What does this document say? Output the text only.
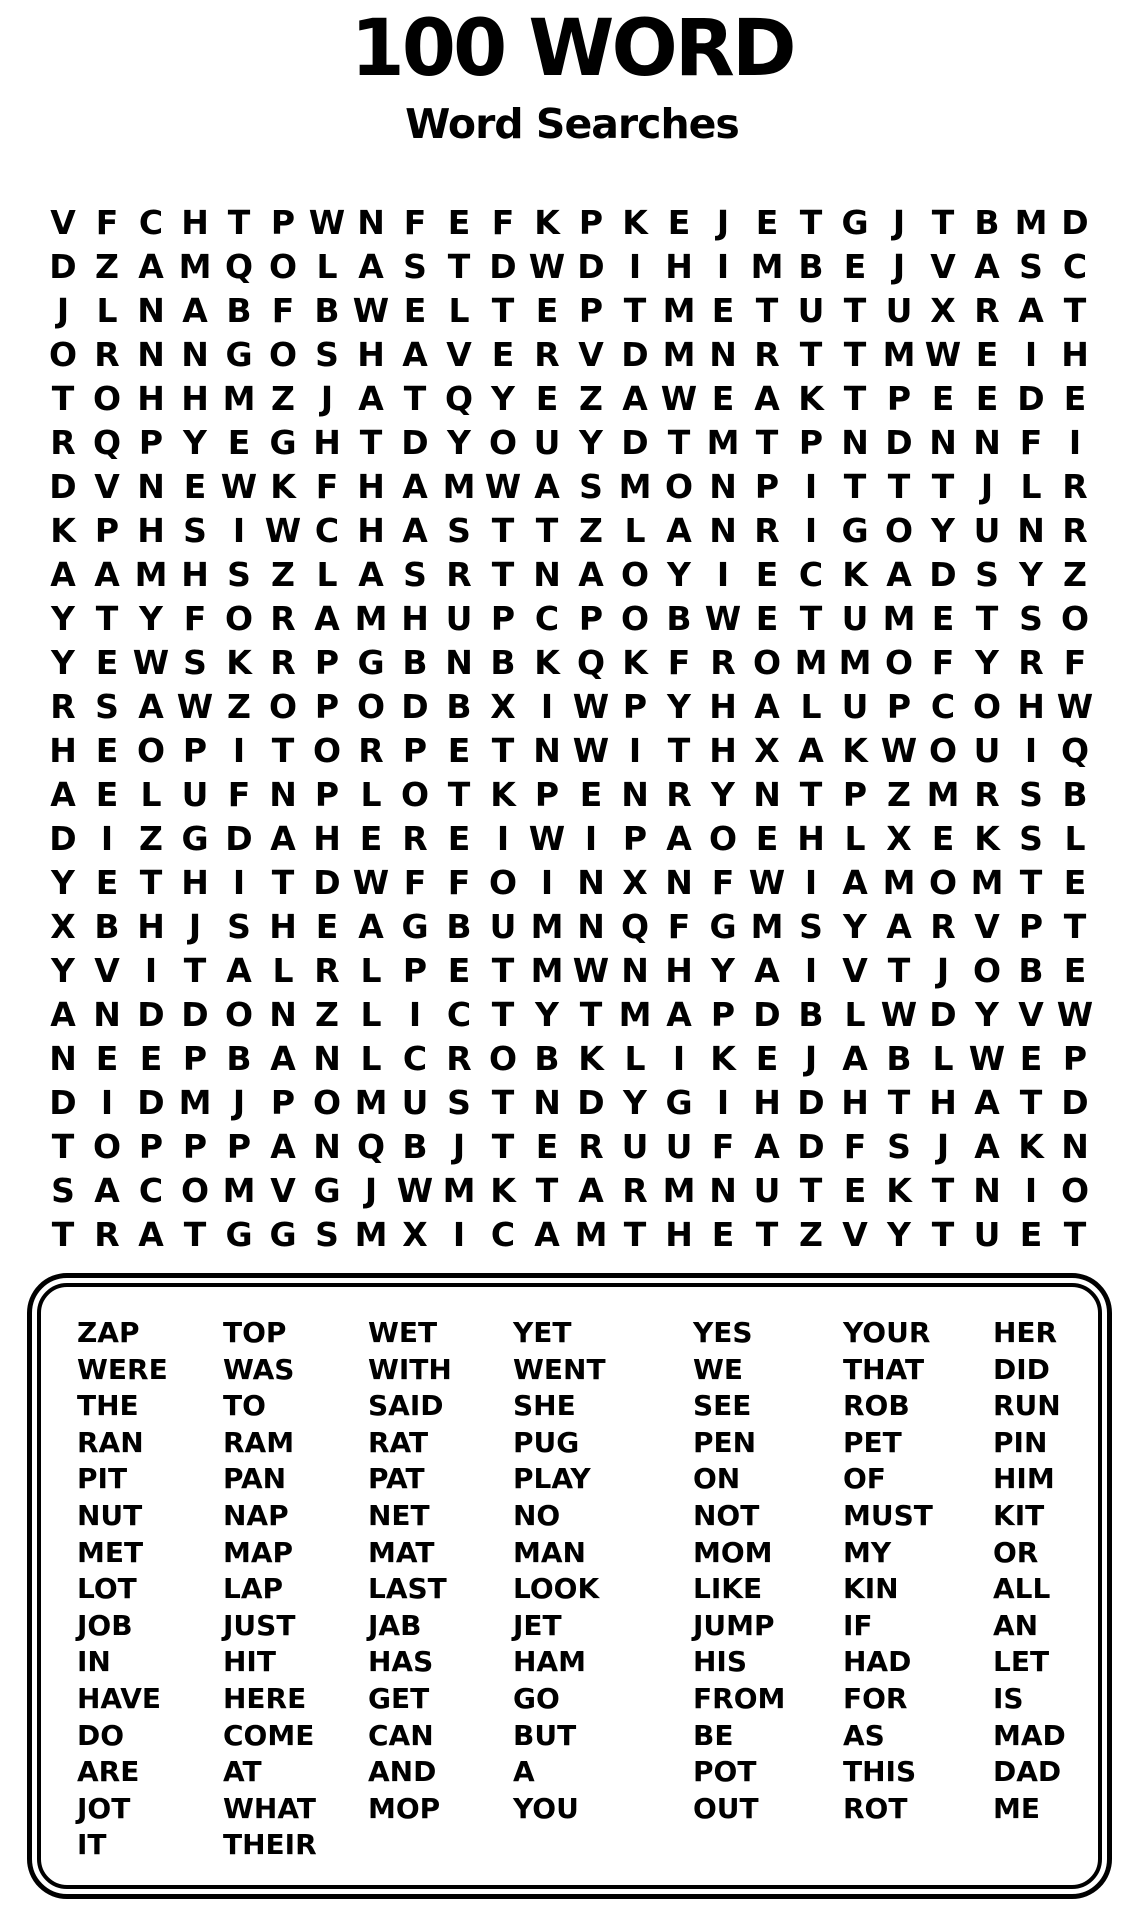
100 WORD
Word Searches
V F C H T P W N F E F K P K E J E T G J T B M D
D Z A M Q O L A S T D W D I H I M B E J V A S C
J L N A B F B W E L T E P T M E T U T U X R A T
O R N N G O S H A V E R V D M N R T T M W E I H
T O H H M Z J A T Q Y E Z A W E A K T P E E D E
R Q P Y E G H T D Y O U Y D T M T P N D N N F I
D V N E W K F H A M W A S M O N P I T T T J L R
K P H S I W C H A S T T Z L A N R I G O Y U N R
A A M H S Z L A S R T N A O Y I E C K A D S Y Z
Y T Y F O R A M H U P C P O B W E T U M E T S O
Y E W S K R P G B N B K Q K F R O M M O F Y R F
R S A W Z O P O D B X I W P Y H A L U P C O H W
H E O P I T O R P E T N W I T H X A K W O U I Q
A E L U F N P L O T K P E N R Y N T P Z M R S B
D I Z G D A H E R E I W I P A O E H L X E K S L
Y E T H I T D W F F O I N X N F W I A M O M T E
X B H J S H E A G B U M N Q F G M S Y A R V P T
Y V I T A L R L P E T M W N H Y A I V T J O B E
A N D D O N Z L I C T Y T M A P D B L W D Y V W
N E E P B A N L C R O B K L I K E J A B L W E P
D I D M J P O M U S T N D Y G I H D H T H A T D
T O P P P A N Q B J T E R U U F A D F S J A K N
S A C O M V G J W M K T A R M N U T E K T N I O
T R A T G G S M X I C A M T H E T Z V Y T U E T
ZAP
WERE
THE
RAN
PIT
NUT
MET
LOT
JOB
IN
HAVE
DO
ARE
JOT
IT
TOP
WAS
TO
RAM
PAN
NAP
MAP
LAP
JUST
HIT
HERE
COME
AT
WHAT
THEIR
WET
WITH
SAID
RAT
PAT
NET
MAT
LAST
JAB
HAS
GET
CAN
AND
MOP
YET
WENT
SHE
PUG
PLAY
NO
MAN
LOOK
JET
HAM
GO
BUT
A
YOU
YES
WE
SEE
PEN
ON
NOT
MOM
LIKE
JUMP
HIS
FROM
BE
POT
OUT
YOUR
THAT
ROB
PET
OF
MUST
MY
KIN
IF
HAD
FOR
AS
THIS
ROT
HER
DID
RUN
PIN
HIM
KIT
OR
ALL
AN
LET
IS
MAD
DAD
ME
